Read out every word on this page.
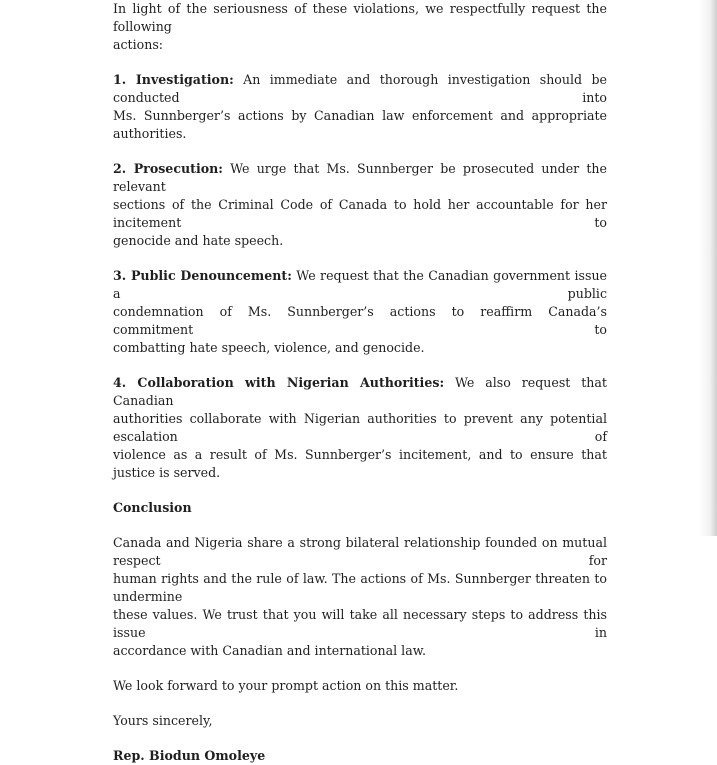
In light of the seriousness of these violations, we respectfully request the following
actions:
1. Investigation: An immediate and thorough investigation should be conducted into
Ms. Sunnberger’s actions by Canadian law enforcement and appropriate authorities.
2. Prosecution: We urge that Ms. Sunnberger be prosecuted under the relevant
sections of the Criminal Code of Canada to hold her accountable for her incitement to
genocide and hate speech.
3. Public Denouncement: We request that the Canadian government issue a public
condemnation of Ms. Sunnberger’s actions to reaffirm Canada’s commitment to
combatting hate speech, violence, and genocide.
4. Collaboration with Nigerian Authorities: We also request that Canadian
authorities collaborate with Nigerian authorities to prevent any potential escalation of
violence as a result of Ms. Sunnberger’s incitement, and to ensure that justice is served.
Conclusion
Canada and Nigeria share a strong bilateral relationship founded on mutual respect for
human rights and the rule of law. The actions of Ms. Sunnberger threaten to undermine
these values. We trust that you will take all necessary steps to address this issue in
accordance with Canadian and international law.
We look forward to your prompt action on this matter.
Yours sincerely,
Rep. Biodun Omoleye
